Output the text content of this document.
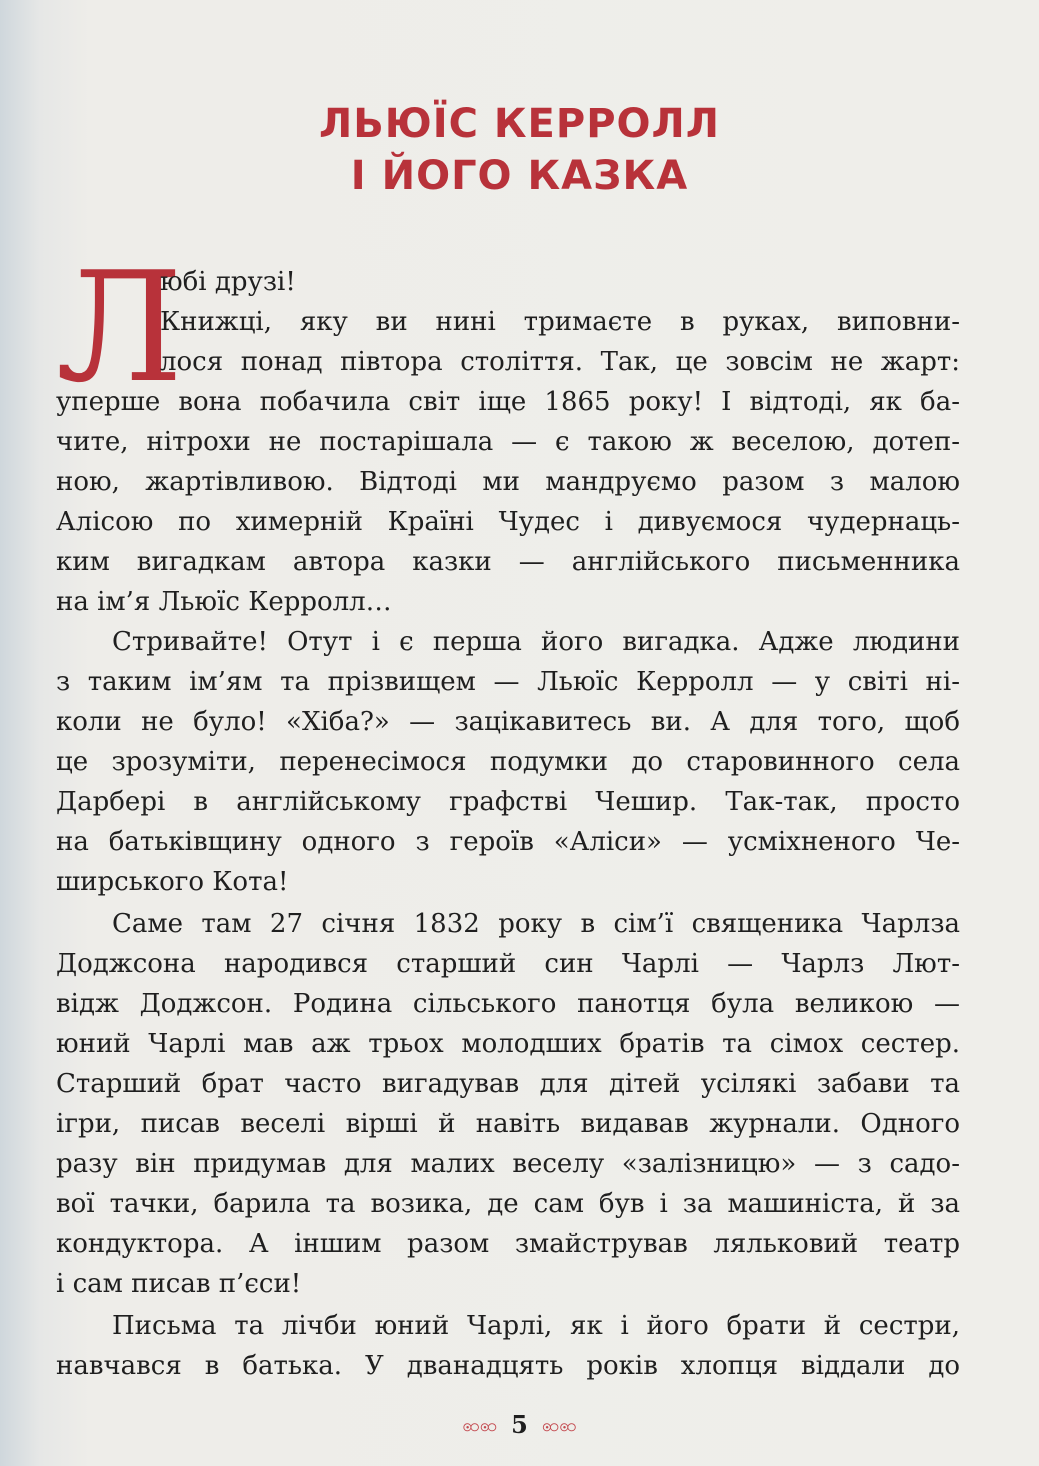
ЛЬЮЇС КЕРРОЛЛ
І ЙОГО КАЗКА
Л
юбі друзі!
Книжці, яку ви нині тримаєте в руках, виповни-
лося понад півтора століття. Так, це зовсім не жарт:
уперше вона побачила світ іще 1865 року! І відтоді, як ба-
чите, нітрохи не постарішала — є такою ж веселою, дотеп-
ною, жартівливою. Відтоді ми мандруємо разом з малою
Алісою по химерній Країні Чудес і дивуємося чудернаць-
ким вигадкам автора казки — англійського письменника
на ім’я Льюїс Керролл…
Стривайте! Отут і є перша його вигадка. Адже людини
з таким ім’ям та прізвищем — Льюїс Керролл — у світі ні-
коли не було! «Хіба?» — зацікавитесь ви. А для того, щоб
це зрозуміти, перенесімося подумки до старовинного села
Дарбері в англійському графстві Чешир. Так-так, просто
на батьківщину одного з героїв «Аліси» — усміхненого Че-
ширського Кота!
Саме там 27 січня 1832 року в сім’ї священика Чарлза
Доджсона народився старший син Чарлі — Чарлз Лют-
відж Доджсон. Родина сільського панотця була великою —
юний Чарлі мав аж трьох молодших братів та сімох сестер.
Старший брат часто вигадував для дітей усілякі забави та
ігри, писав веселі вірші й навіть видавав журнали. Одного
разу він придумав для малих веселу «залізницю» — з садо-
вої тачки, барила та возика, де сам був і за машиніста, й за
кондуктора. А іншим разом змайстрував ляльковий театр
і сам писав п’єси!
Письма та лічби юний Чарлі, як і його брати й сестри,
навчався в батька. У дванадцять років хлопця віддали до
ꩧꩧ 5 ꩧꩧ
